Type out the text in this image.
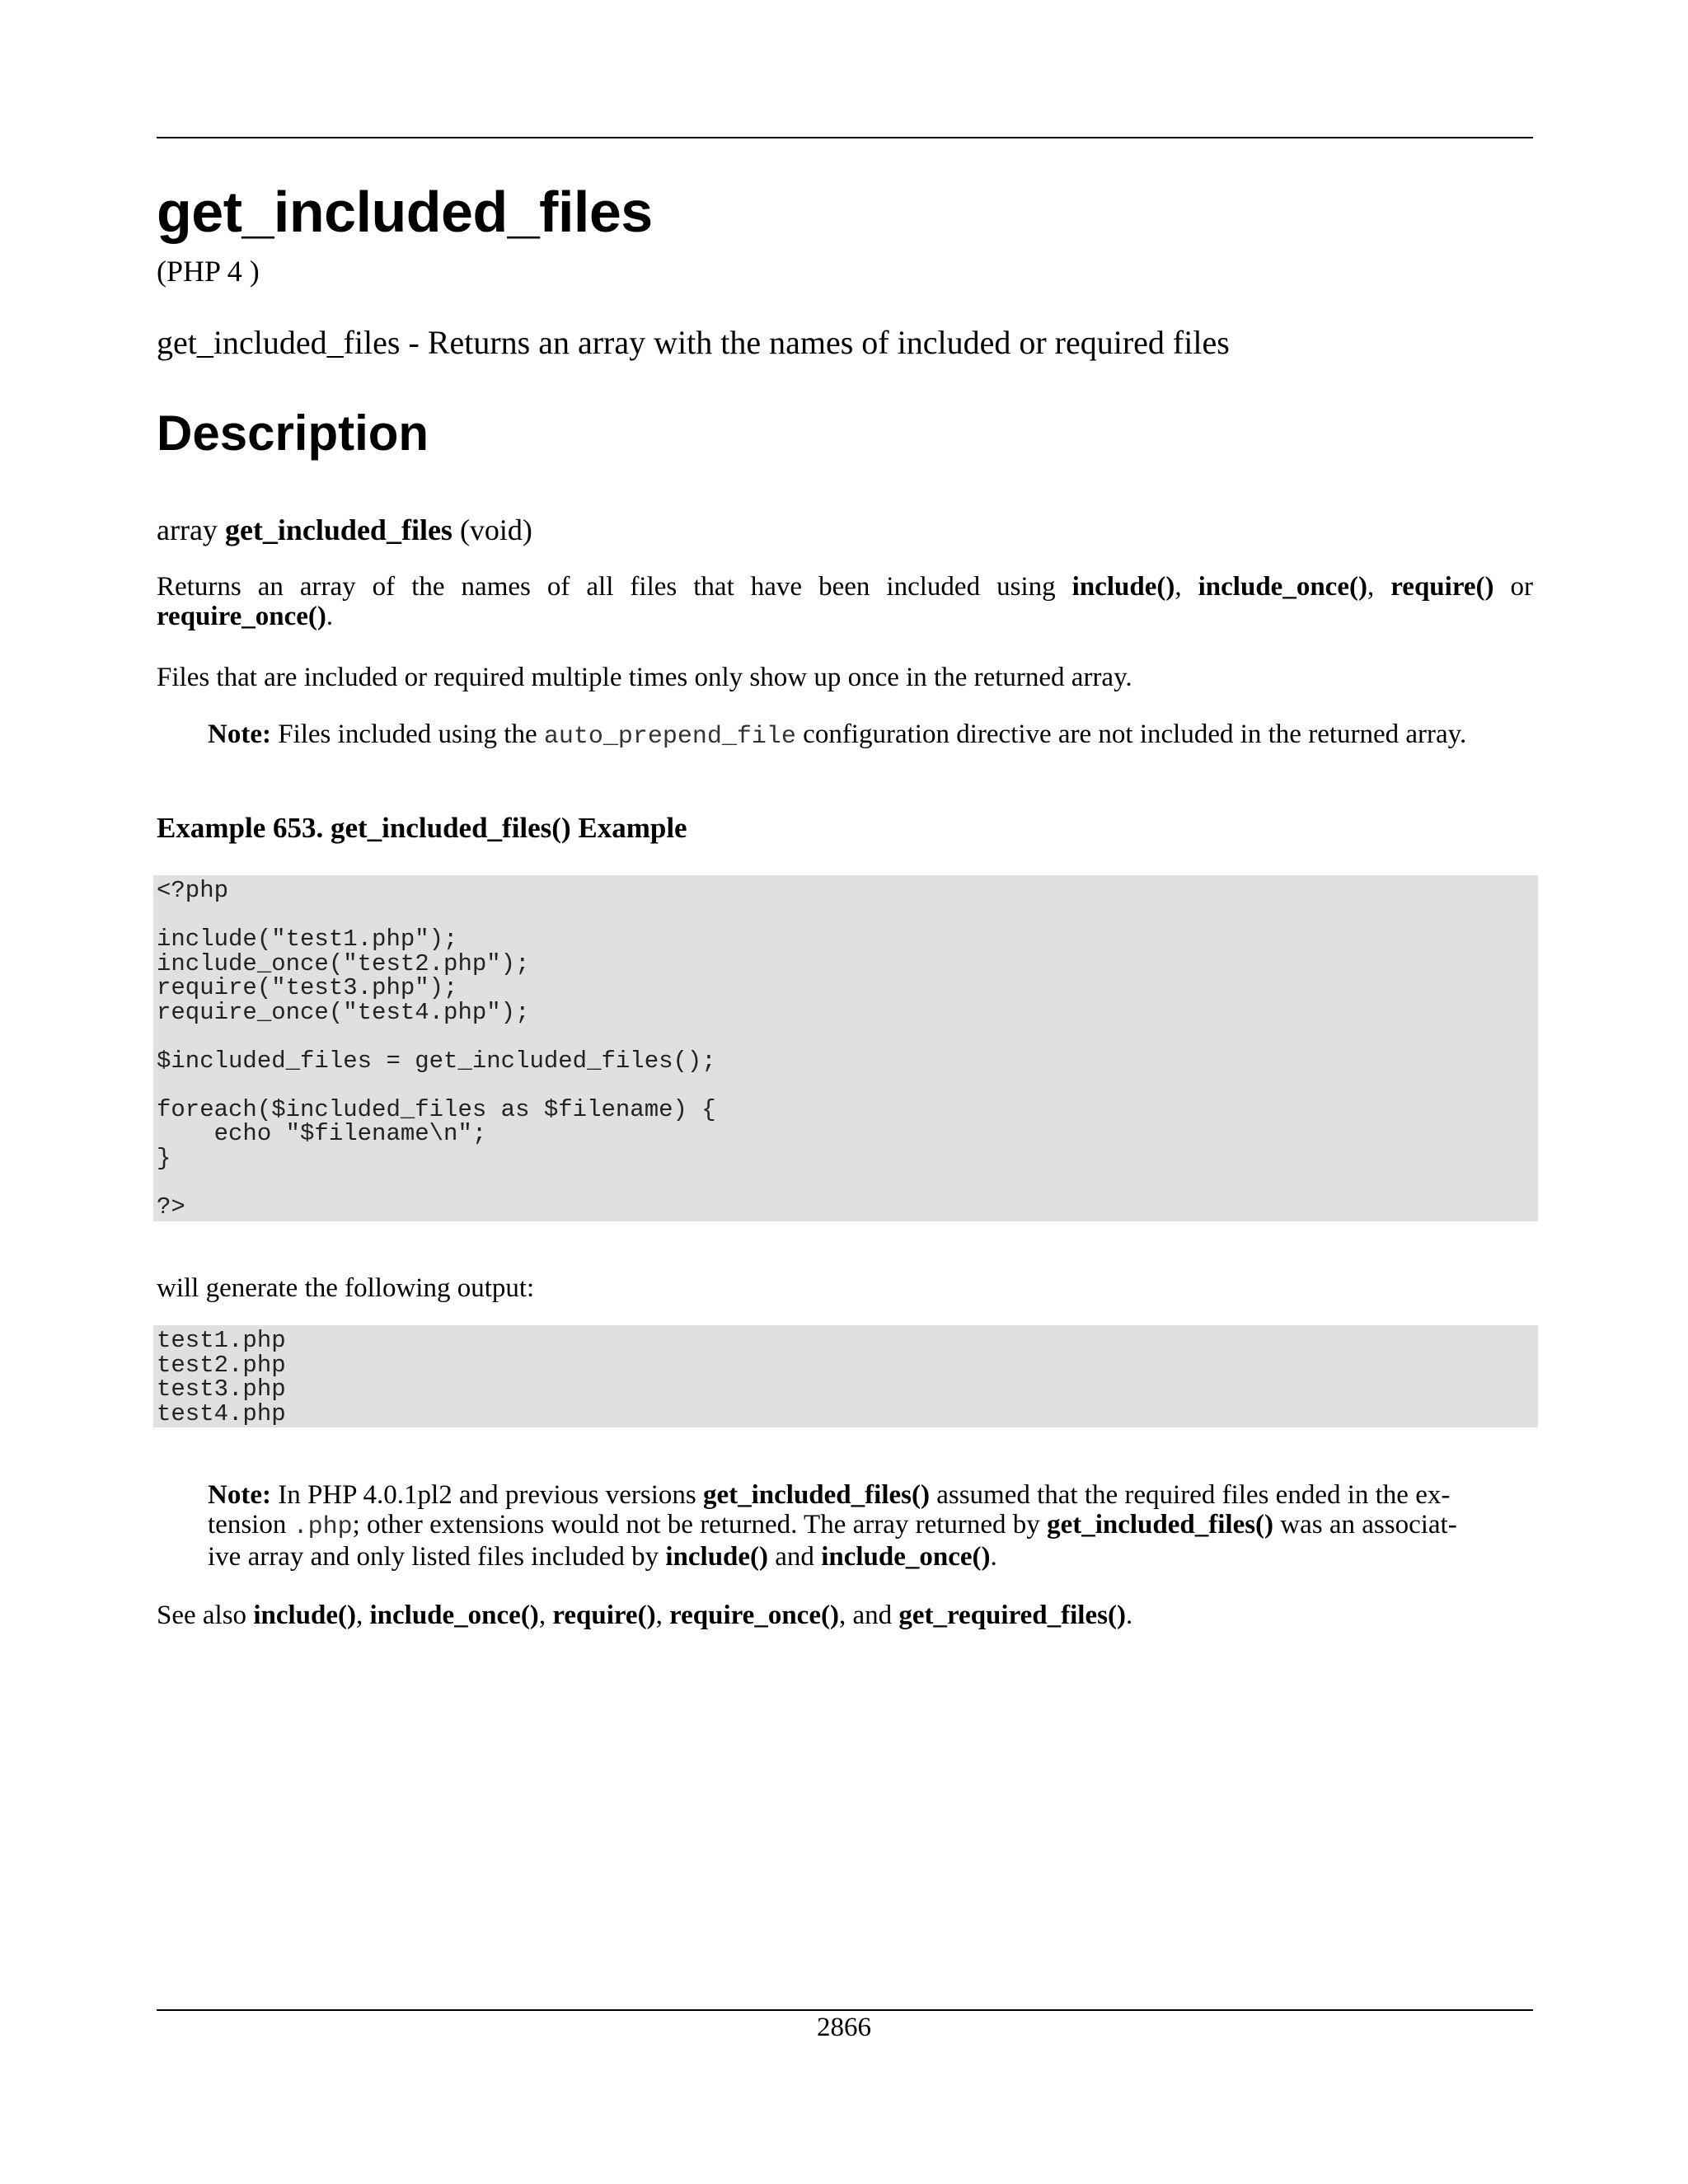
get_included_files
(PHP 4 )
get_included_files - Returns an array with the names of included or required files
Description
array get_included_files (void)
Returns an array of the names of all files that have been included using include(), include_once(), require() or require_once().
Files that are included or required multiple times only show up once in the returned array.
Note: Files included using the auto_prepend_file configuration directive are not included in the returned array.
Example 653. get_included_files() Example
<?php

include("test1.php");
include_once("test2.php");
require("test3.php");
require_once("test4.php");

$included_files = get_included_files();

foreach($included_files as $filename) {
echo "$filename\n";
}

?>
will generate the following output:
test1.php
test2.php
test3.php
test4.php
Note: In PHP 4.0.1pl2 and previous versions get_included_files() assumed that the required files ended in the ex- tension .php; other extensions would not be returned. The array returned by get_included_files() was an associat- ive array and only listed files included by include() and include_once().
See also include(), include_once(), require(), require_once(), and get_required_files().
2866
